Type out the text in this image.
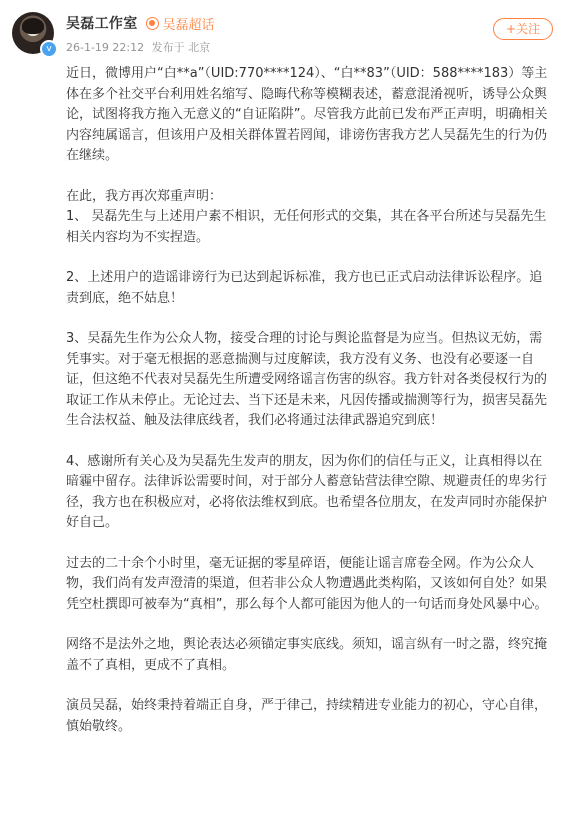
v
吴磊工作室 吴磊超话
26-1-19 22:12 发布于 北京
+关注

近日，微博用户“白**a”（UID:770****124）、“白**83”（UID：588****183）等主体在多个社交平台利用姓名缩写、隐晦代称等模糊表述，蓄意混淆视听，诱导公众舆论，试图将我方拖入无意义的“自证陷阱”。尽管我方此前已发布严正声明，明确相关内容纯属谣言，但该用户及相关群体置若罔闻，诽谤伤害我方艺人吴磊先生的行为仍在继续。

在此，我方再次郑重声明：

1、 吴磊先生与上述用户素不相识，无任何形式的交集，其在各平台所述与吴磊先生相关内容均为不实捏造。

2、上述用户的造谣诽谤行为已达到起诉标准，我方也已正式启动法律诉讼程序。追责到底，绝不姑息！

3、吴磊先生作为公众人物，接受合理的讨论与舆论监督是为应当。但热议无妨，需凭事实。对于毫无根据的恶意揣测与过度解读，我方没有义务、也没有必要逐一自证，但这绝不代表对吴磊先生所遭受网络谣言伤害的纵容。我方针对各类侵权行为的取证工作从未停止。无论过去、当下还是未来，凡因传播或揣测等行为，损害吴磊先生合法权益、触及法律底线者，我们必将通过法律武器追究到底！

4、感谢所有关心及为吴磊先生发声的朋友，因为你们的信任与正义，让真相得以在暗霾中留存。法律诉讼需要时间，对于部分人蓄意钻营法律空隙、规避责任的卑劣行径，我方也在积极应对，必将依法维权到底。也希望各位朋友，在发声同时亦能保护好自己。

过去的二十余个小时里，毫无证据的零星碎语，便能让谣言席卷全网。作为公众人物，我们尚有发声澄清的渠道，但若非公众人物遭遇此类构陷，又该如何自处？如果凭空杜撰即可被奉为“真相”，那么每个人都可能因为他人的一句话而身处风暴中心。

网络不是法外之地，舆论表达必须锚定事实底线。须知，谣言纵有一时之嚣，终究掩盖不了真相，更成不了真相。

演员吴磊，始终秉持着端正自身，严于律己，持续精进专业能力的初心，守心自律，慎始敬终。
